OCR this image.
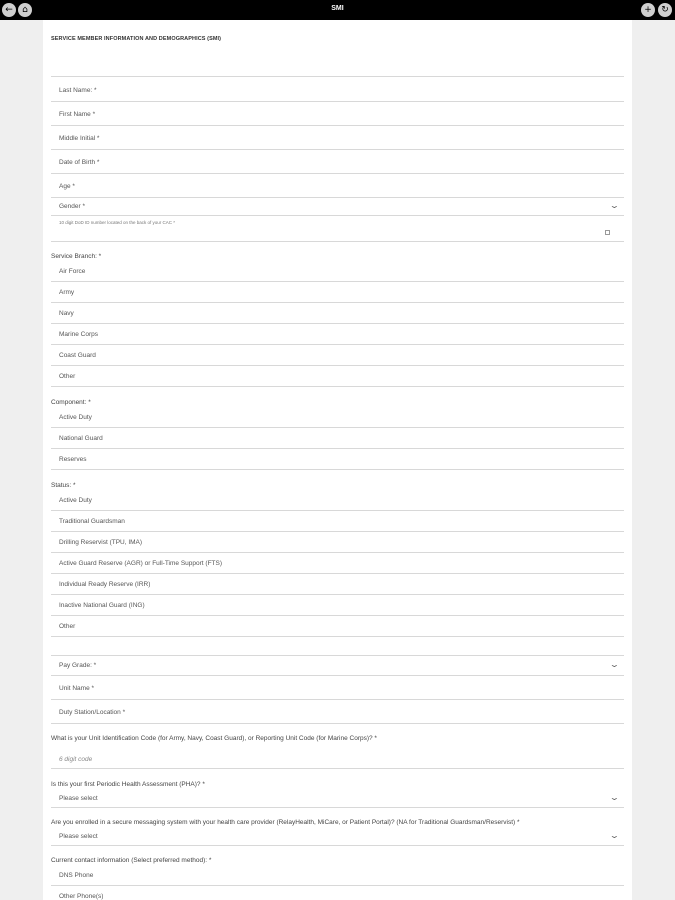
←	⌂	SMI	+	↻
SERVICE MEMBER INFORMATION AND DEMOGRAPHICS (SMI)
Last Name: *
First Name *
Middle Initial *
Date of Birth *
Age *
Gender *	⌄
10 digit DoD ID number located on the back of your CAC *
Service Branch: *
Air Force
Army
Navy
Marine Corps
Coast Guard
Other
Component: *
Active Duty
National Guard
Reserves
Status: *
Active Duty
Traditional Guardsman
Drilling Reservist (TPU, IMA)
Active Guard Reserve (AGR) or Full-Time Support (FTS)
Individual Ready Reserve (IRR)
Inactive National Guard (ING)
Other
Pay Grade: *	⌄
Unit Name *
Duty Station/Location *
What is your Unit Identification Code (for Army, Navy, Coast Guard), or Reporting Unit Code (for Marine Corps)? *
6 digit code
Is this your first Periodic Health Assessment (PHA)? *
Please select	⌄
Are you enrolled in a secure messaging system with your health care provider (RelayHealth, MiCare, or Patient Portal)? (NA for Traditional Guardsman/Reservist) *
Please select	⌄
Current contact information (Select preferred method): *
DNS Phone
Other Phone(s)
